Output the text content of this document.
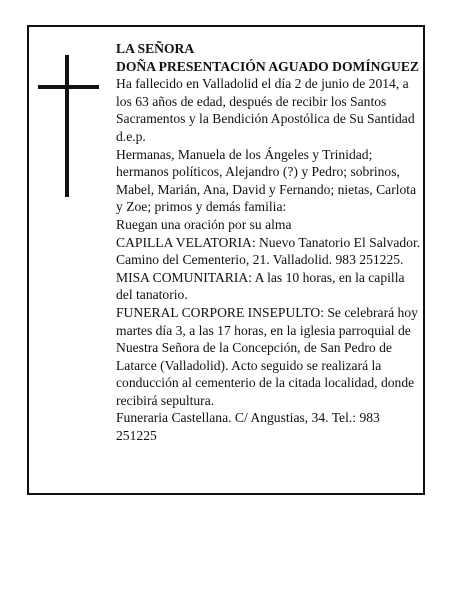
LA SEÑORA

DOÑA PRESENTACIÓN AGUADO DOMÍNGUEZ

Ha fallecido en Valladolid el día 2 de junio de 2014, a los 63 años de edad, después de recibir los Santos Sacramentos y la Bendición Apostólica de Su Santidad d.e.p.

Hermanas, Manuela de los Ángeles y Trinidad; hermanos políticos, Alejandro (?) y Pedro; sobrinos, Mabel, Marián, Ana, David y Fernando; nietas, Carlota y Zoe; primos y demás familia:

Ruegan una oración por su alma

CAPILLA VELATORIA: Nuevo Tanatorio El Salvador. Camino del Cementerio, 21. Valladolid. 983 251225.

MISA COMUNITARIA: A las 10 horas, en la capilla del tanatorio.

FUNERAL CORPORE INSEPULTO: Se celebrará hoy martes día 3, a las 17 horas, en la iglesia parroquial de Nuestra Señora de la Concepción, de San Pedro de Latarce (Valladolid). Acto seguido se realizará la conducción al cementerio de la citada localidad, donde recibirá sepultura.

Funeraria Castellana. C/ Angustias, 34. Tel.: 983 251225
